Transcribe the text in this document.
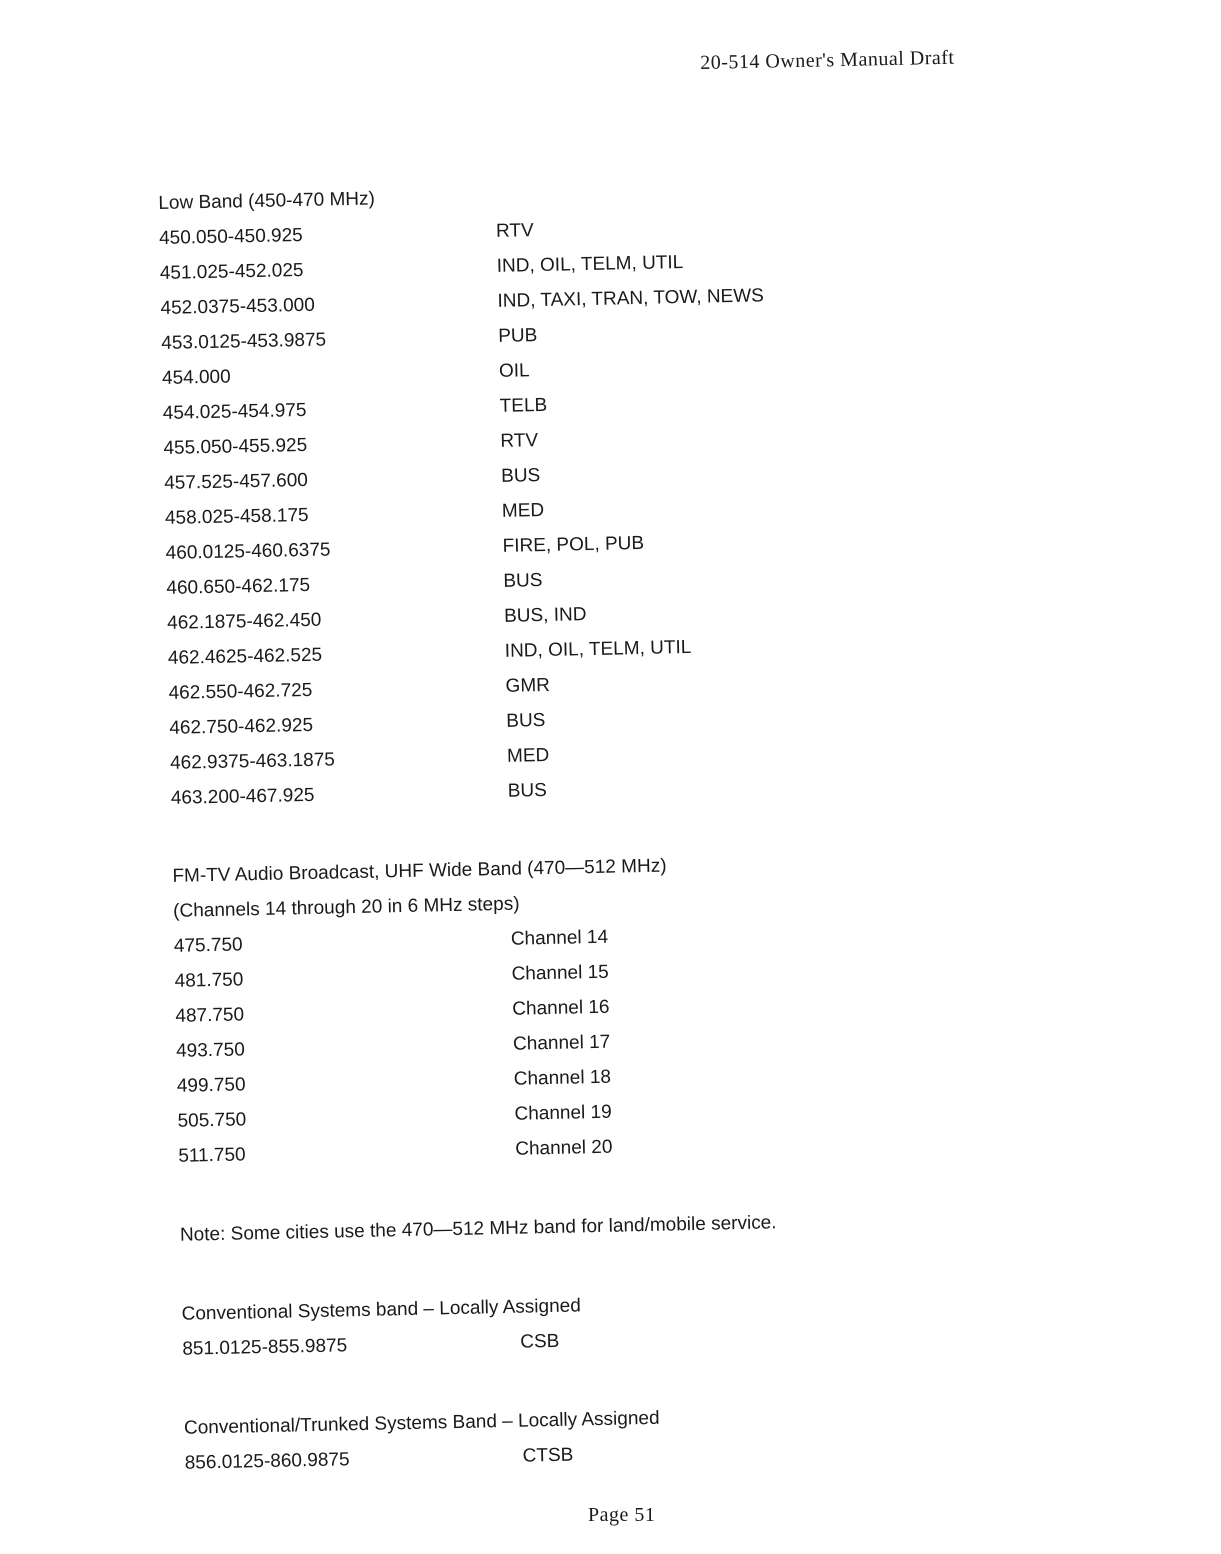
20-514 Owner's Manual Draft
Low Band (450-470 MHz)
450.050-450.925	RTV
451.025-452.025	IND, OIL, TELM, UTIL
452.0375-453.000	IND, TAXI, TRAN, TOW, NEWS
453.0125-453.9875	PUB
454.000	OIL
454.025-454.975	TELB
455.050-455.925	RTV
457.525-457.600	BUS
458.025-458.175	MED
460.0125-460.6375	FIRE, POL, PUB
460.650-462.175	BUS
462.1875-462.450	BUS, IND
462.4625-462.525	IND, OIL, TELM, UTIL
462.550-462.725	GMR
462.750-462.925	BUS
462.9375-463.1875	MED
463.200-467.925	BUS
FM-TV Audio Broadcast, UHF Wide Band (470—512 MHz)
(Channels 14 through 20 in 6 MHz steps)
475.750	Channel 14
481.750	Channel 15
487.750	Channel 16
493.750	Channel 17
499.750	Channel 18
505.750	Channel 19
511.750	Channel 20
Note: Some cities use the 470—512 MHz band for land/mobile service.
Conventional Systems band – Locally Assigned
851.0125-855.9875	CSB
Conventional/Trunked Systems Band – Locally Assigned
856.0125-860.9875	CTSB
Page 51
